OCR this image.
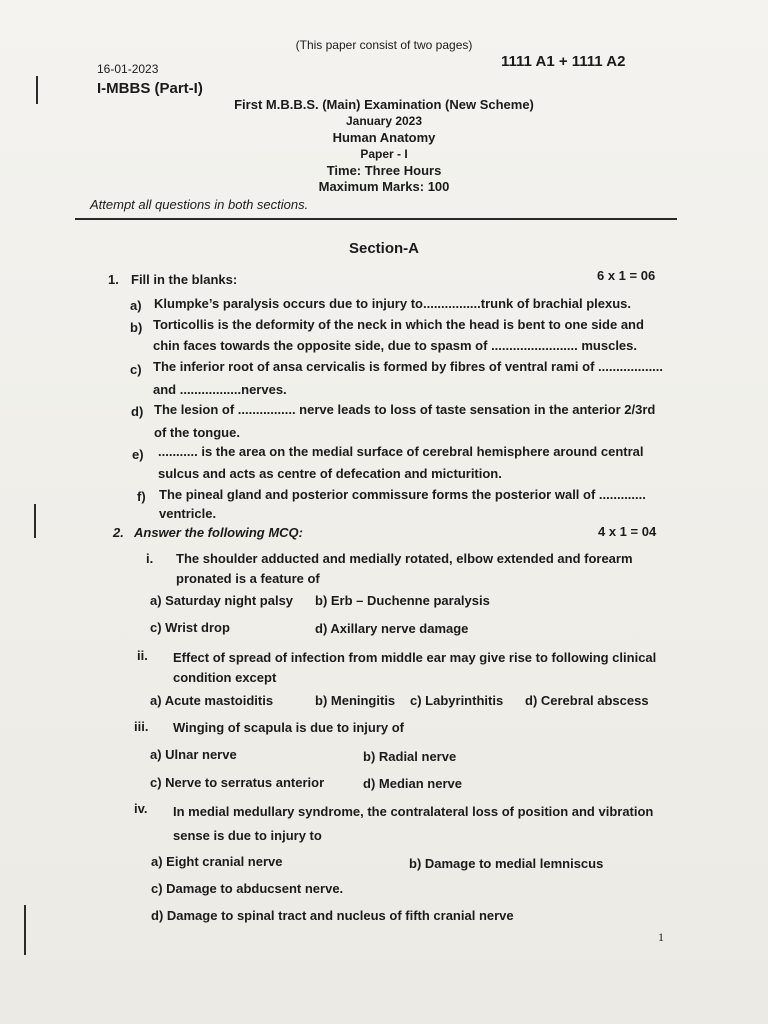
(This paper consist of two pages)
16-01-2023	1111 A1 + 1111 A2
I-MBBS (Part-I)
First M.B.B.S. (Main) Examination (New Scheme)
January 2023
Human Anatomy
Paper - I
Time: Three Hours
Maximum Marks: 100
Attempt all questions in both sections.
Section-A
1. Fill in the blanks:	6 x 1 = 06
a) Klumpke’s paralysis occurs due to injury to................trunk of brachial plexus.
b) Torticollis is the deformity of the neck in which the head is bent to one side and
chin faces towards the opposite side, due to spasm of ........................ muscles.
c) The inferior root of ansa cervicalis is formed by fibres of ventral rami of ..................
and .................nerves.
d) The lesion of ................ nerve leads to loss of taste sensation in the anterior 2/3rd
of the tongue.
e) ........... is the area on the medial surface of cerebral hemisphere around central
sulcus and acts as centre of defecation and micturition.
f) The pineal gland and posterior commissure forms the posterior wall of .............
ventricle.
2. Answer the following MCQ:	4 x 1 = 04
i. The shoulder adducted and medially rotated, elbow extended and forearm
pronated is a feature of
a) Saturday night palsy b) Erb – Duchenne paralysis
c) Wrist drop	d) Axillary nerve damage
ii. Effect of spread of infection from middle ear may give rise to following clinical
condition except
a) Acute mastoiditis	b) Meningitis c) Labyrinthitis d) Cerebral abscess
iii. Winging of scapula is due to injury of
a) Ulnar nerve	b) Radial nerve
c) Nerve to serratus anterior	d) Median nerve
iv. In medial medullary syndrome, the contralateral loss of position and vibration
sense is due to injury to
a) Eight cranial nerve	b) Damage to medial lemniscus
c) Damage to abducsent nerve.
d) Damage to spinal tract and nucleus of fifth cranial nerve
1
